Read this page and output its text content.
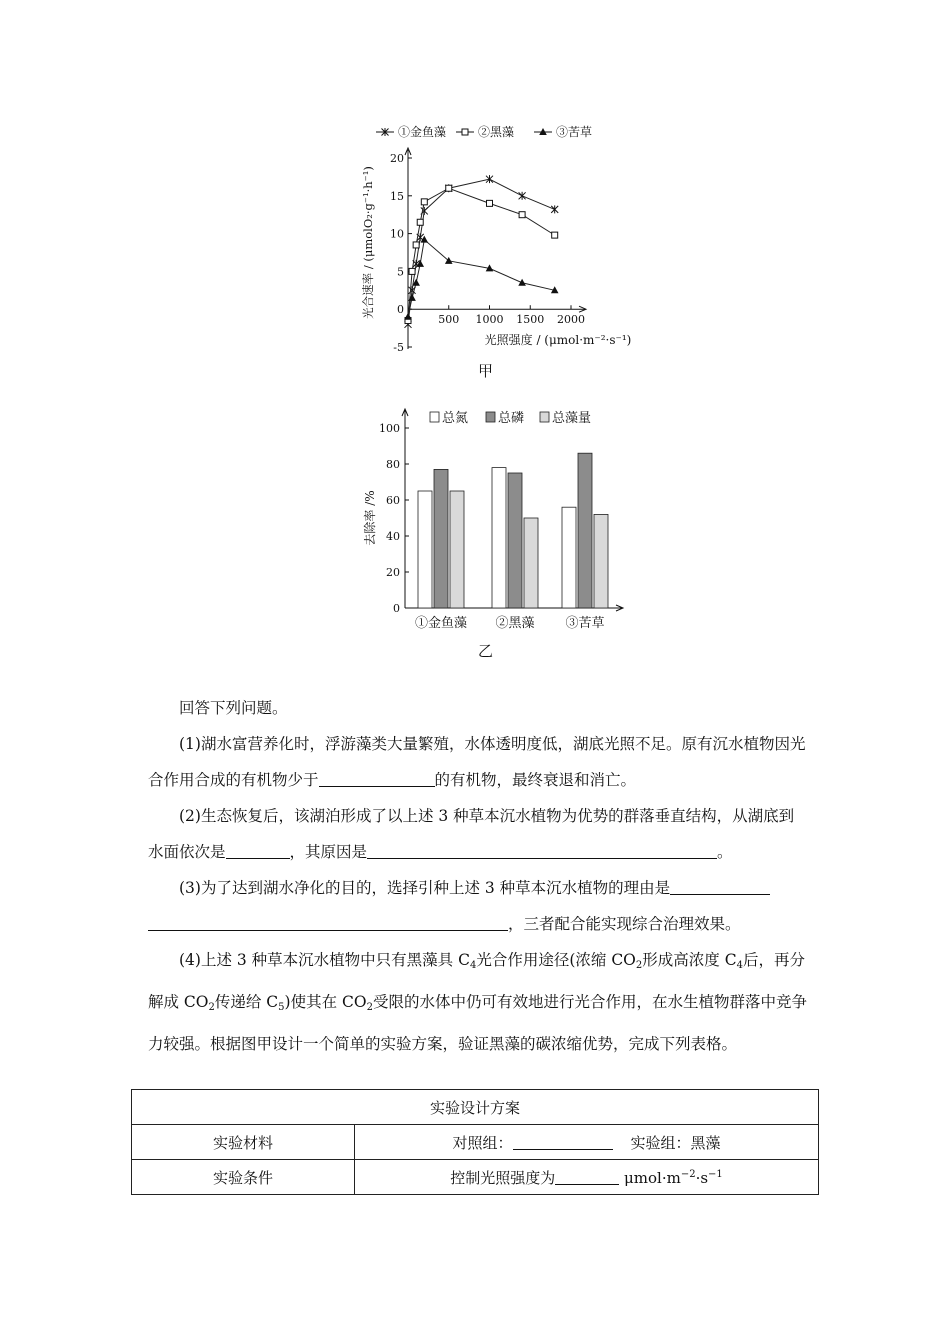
-5
0
5
10
15
20
500 1000 1500 2000
光照强度 / (μmol·m⁻²·s⁻¹)
光合速率 / (μmolO₂·g⁻¹·h⁻¹)
①金鱼藻	②黑藻	③苦草
甲
0
20
40
60
80
100
去除率 /%
①金鱼藻 ②黑藻 ③苦草
总氮 总磷 总藻量
乙

回答下列问题。

(1)湖水富营养化时，浮游藻类大量繁殖，水体透明度低，湖底光照不足。原有沉水植物因光合作用合成的有机物少于	的有机物，最终衰退和消亡。

(2)生态恢复后，该湖泊形成了以上述 3 种草本沉水植物为优势的群落垂直结构，从湖底到水面依次是	，其原因是	。

(3)为了达到湖水净化的目的，选择引种上述 3 种草本沉水植物的理由是，三者配合能实现综合治理效果。

(4)上述 3 种草本沉水植物中只有黑藻具 $C_4$光合作用途径(浓缩 $CO_2$形成高浓度 $C_4$后，再分解成 $CO_2$传递给 $C_5$)使其在 $CO_2$受限的水体中仍可有效地进行光合作用，在水生植物群落中竞争力较强。根据图甲设计一个简单的实验方案，验证黑藻的碳浓缩优势，完成下列表格。

实验设计方案	
实验材料	对照组： 实验组：黑藻
实验条件	控制光照强度为 $\mu mol\cdot m^{-2}\cdot s^{-1}$
